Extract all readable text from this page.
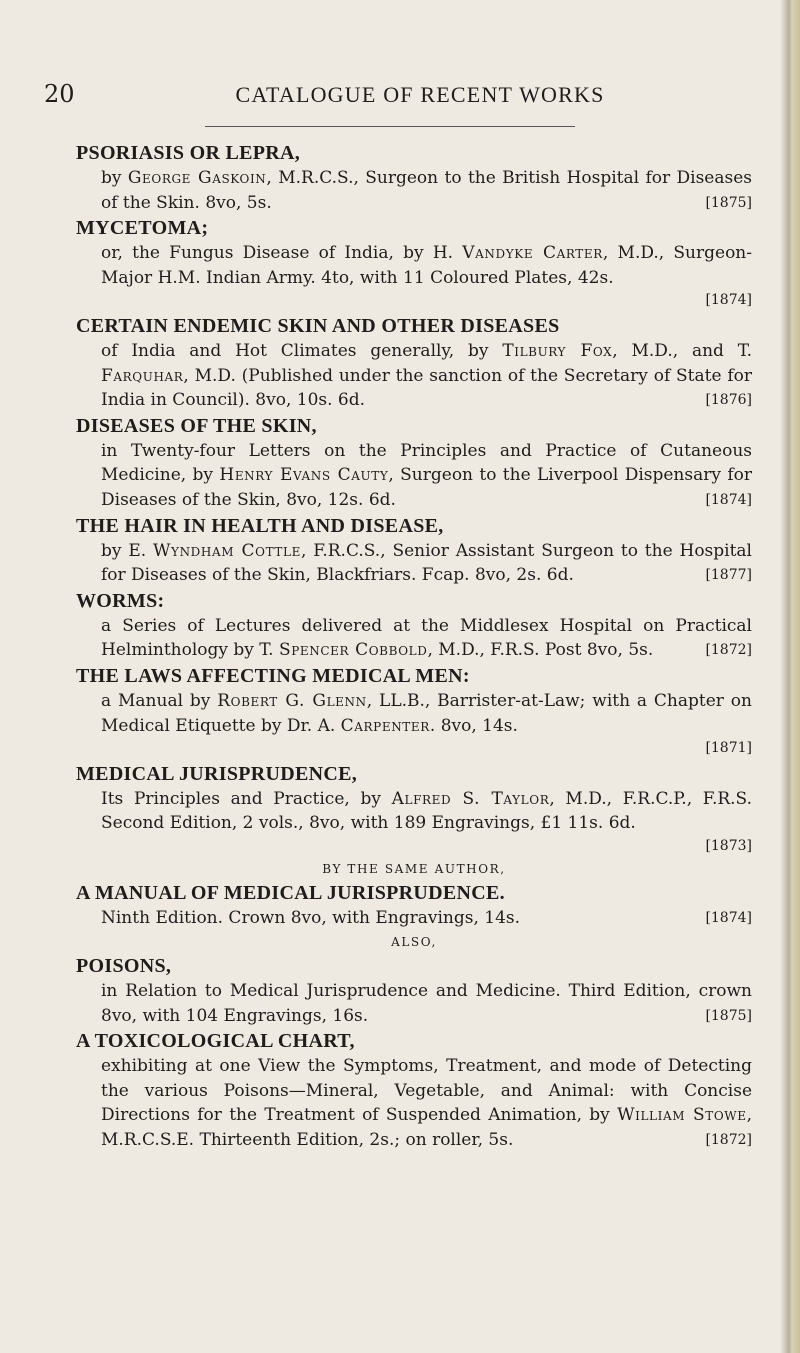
20	CATALOGUE OF RECENT WORKS

PSORIASIS OR LEPRA,

by George Gaskoin, M.R.C.S., Surgeon to the British Hospital for Diseases of the Skin. 8vo, 5s.	[1875]

MYCETOMA;

or, the Fungus Disease of India, by H. Vandyke Carter, M.D., Surgeon-Major H.M. Indian Army. 4to, with 11 Coloured Plates, 42s.
[1874]

CERTAIN ENDEMIC SKIN AND OTHER DISEASES

of India and Hot Climates generally, by Tilbury Fox, M.D., and T. Farquhar, M.D. (Published under the sanction of the Secretary of State for India in Council). 8vo, 10s. 6d.	[1876]

DISEASES OF THE SKIN,

in Twenty-four Letters on the Principles and Practice of Cutaneous Medicine, by Henry Evans Cauty, Surgeon to the Liverpool Dispensary for Diseases of the Skin, 8vo, 12s. 6d.	[1874]

THE HAIR IN HEALTH AND DISEASE,

by E. Wyndham Cottle, F.R.C.S., Senior Assistant Surgeon to the Hospital for Diseases of the Skin, Blackfriars. Fcap. 8vo, 2s. 6d.	[1877]

WORMS:

a Series of Lectures delivered at the Middlesex Hospital on Practical Helminthology by T. Spencer Cobbold, M.D., F.R.S. Post 8vo, 5s.	[1872]

THE LAWS AFFECTING MEDICAL MEN:

a Manual by Robert G. Glenn, LL.B., Barrister-at-Law; with a Chapter on Medical Etiquette by Dr. A. Carpenter. 8vo, 14s.
[1871]

MEDICAL JURISPRUDENCE,

Its Principles and Practice, by Alfred S. Taylor, M.D., F.R.C.P., F.R.S. Second Edition, 2 vols., 8vo, with 189 Engravings, £1 11s. 6d.
[1873]

BY THE SAME AUTHOR,

A MANUAL OF MEDICAL JURISPRUDENCE.

Ninth Edition. Crown 8vo, with Engravings, 14s.	[1874]

ALSO,

POISONS,

in Relation to Medical Jurisprudence and Medicine. Third Edition, crown 8vo, with 104 Engravings, 16s.	[1875]

A TOXICOLOGICAL CHART,

exhibiting at one View the Symptoms, Treatment, and mode of Detecting the various Poisons—Mineral, Vegetable, and Animal: with Concise Directions for the Treatment of Suspended Animation, by William Stowe, M.R.C.S.E. Thirteenth Edition, 2s.; on roller, 5s.	[1872]
